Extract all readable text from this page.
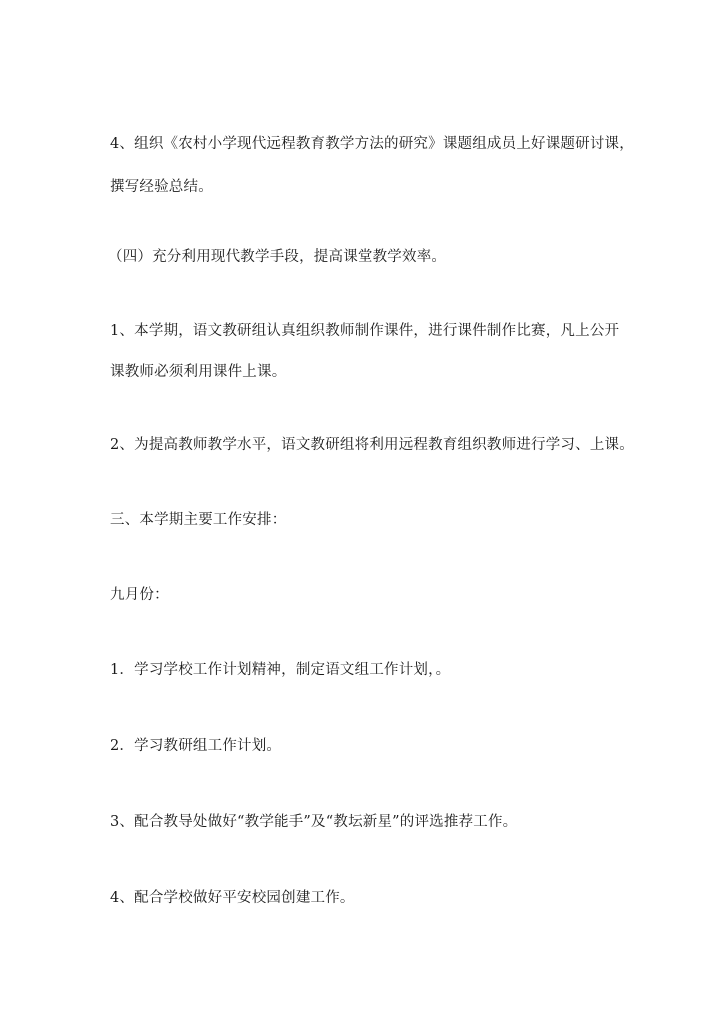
4、组织《农村小学现代远程教育教学方法的研究》课题组成员上好课题研讨课，
撰写经验总结。
（四）充分利用现代教学手段，提高课堂教学效率。
1、本学期，语文教研组认真组织教师制作课件，进行课件制作比赛，凡上公开
课教师必须利用课件上课。
2、为提高教师教学水平，语文教研组将利用远程教育组织教师进行学习、上课。
三、本学期主要工作安排：
九月份：
1．学习学校工作计划精神，制定语文组工作计划，。
2．学习教研组工作计划。
3、配合教导处做好“教学能手”及“教坛新星”的评选推荐工作。
4、配合学校做好平安校园创建工作。
